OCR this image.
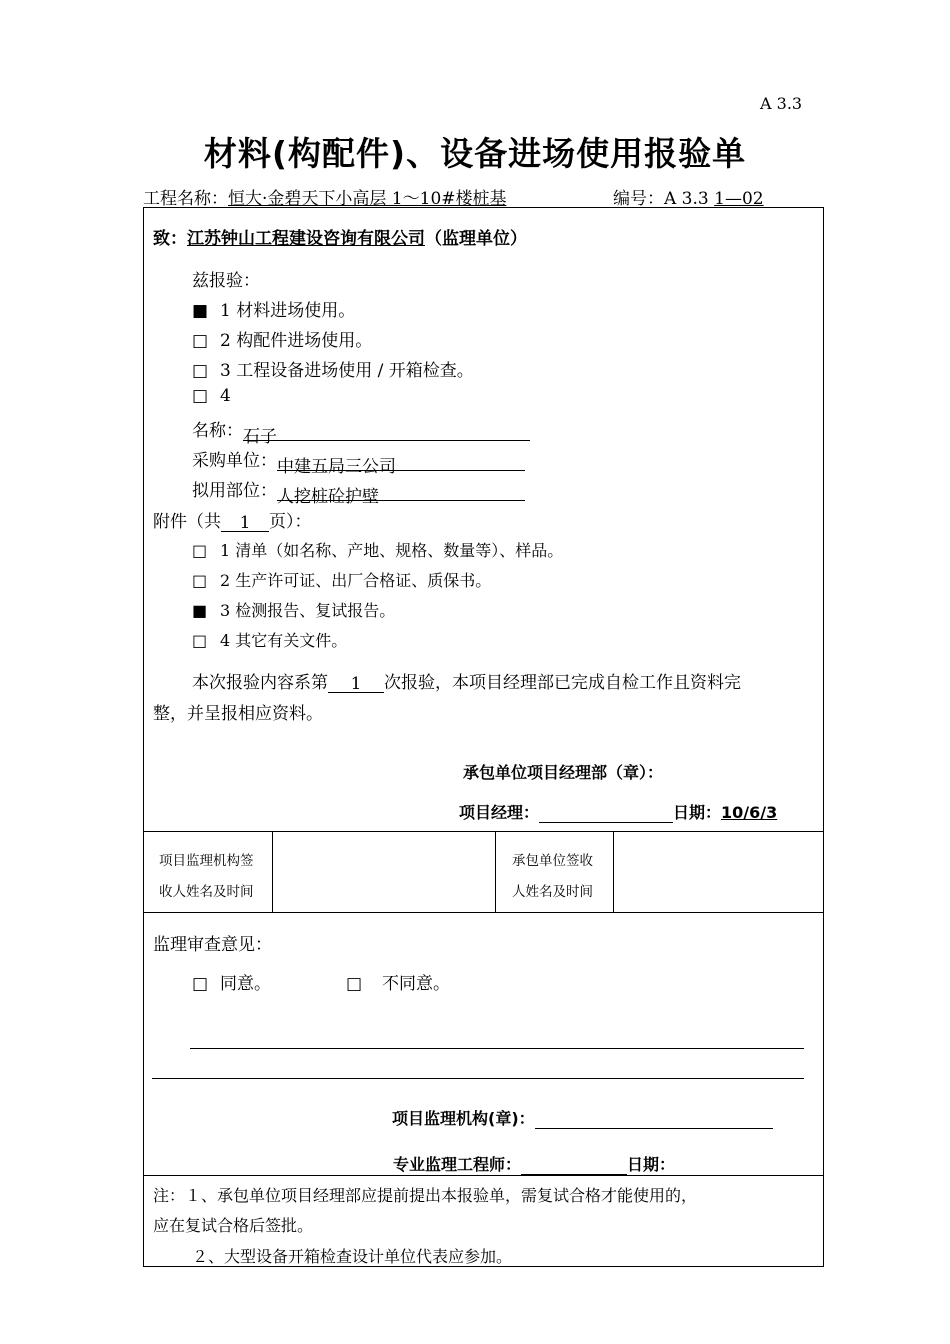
A 3.3
材料(构配件)、设备进场使用报验单
工程名称：恒大·金碧天下小高层 1～10#楼桩基	编号：A 3.3 1—02
致：江苏钟山工程建设咨询有限公司（监理单位）
兹报验：
■ 1 材料进场使用。
□ 2 构配件进场使用。
□ 3 工程设备进场使用 / 开箱检查。
□ 4
名称：石子
采购单位：中建五局三公司
拟用部位：人挖桩砼护壁
附件（共 1 页）：
□ 1 清单（如名称、产地、规格、数量等）、样品。
□ 2 生产许可证、出厂合格证、质保书。
■ 3 检测报告、复试报告。
□ 4 其它有关文件。
本次报验内容系第 1 次报验，本项目经理部已完成自检工作且资料完
整，并呈报相应资料。
承包单位项目经理部（章）：
项目经理：	日期：10/6/3
项目监理机构签
收人姓名及时间
承包单位签收
人姓名及时间
监理审查意见：
□ 同意。	□ 不同意。
项目监理机构(章)：
专业监理工程师：	日期：
注：１、承包单位项目经理部应提前提出本报验单，需复试合格才能使用的，
应在复试合格后签批。
２、大型设备开箱检查设计单位代表应参加。
